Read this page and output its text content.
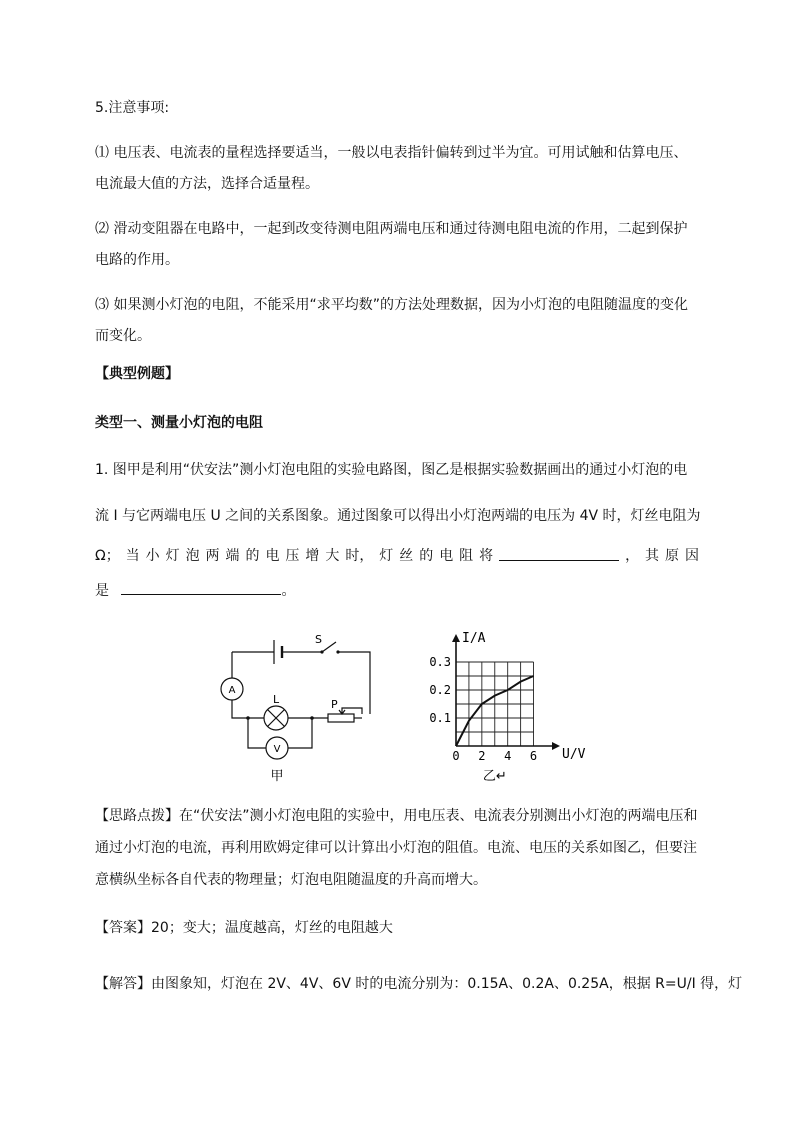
5.注意事项:
⑴ 电压表、电流表的量程选择要适当，一般以电表指针偏转到过半为宜。可用试触和估算电压、
电流最大值的方法，选择合适量程。
⑵ 滑动变阻器在电路中，一起到改变待测电阻两端电压和通过待测电阻电流的作用，二起到保护
电路的作用。
⑶ 如果测小灯泡的电阻，不能采用“求平均数”的方法处理数据，因为小灯泡的电阻随温度的变化
而变化。
【典型例题】
类型一、测量小灯泡的电阻
1. 图甲是利用“伏安法”测小灯泡电阻的实验电路图，图乙是根据实验数据画出的通过小灯泡的电
流 I 与它两端电压 U 之间的关系图象。通过图象可以得出小灯泡两端的电压为 4V 时，灯丝电阻为
Ω； 当 小 灯 泡 两 端 的 电 压 增 大 时， 灯 丝 的 电 阻 将	， 其 原 因
是	。
S
L	P
A
V
甲
0.3
0.2
0.1
0 2 4 6
I/A
U/V
乙↵
【思路点拨】在“伏安法”测小灯泡电阻的实验中，用电压表、电流表分别测出小灯泡的两端电压和
通过小灯泡的电流，再利用欧姆定律可以计算出小灯泡的阻值。电流、电压的关系如图乙，但要注
意横纵坐标各自代表的物理量；灯泡电阻随温度的升高而增大。
【答案】20；变大；温度越高，灯丝的电阻越大
【解答】由图象知，灯泡在 2V、4V、6V 时的电流分别为：0.15A、0.2A、0.25A，根据 R=U/I 得，灯
